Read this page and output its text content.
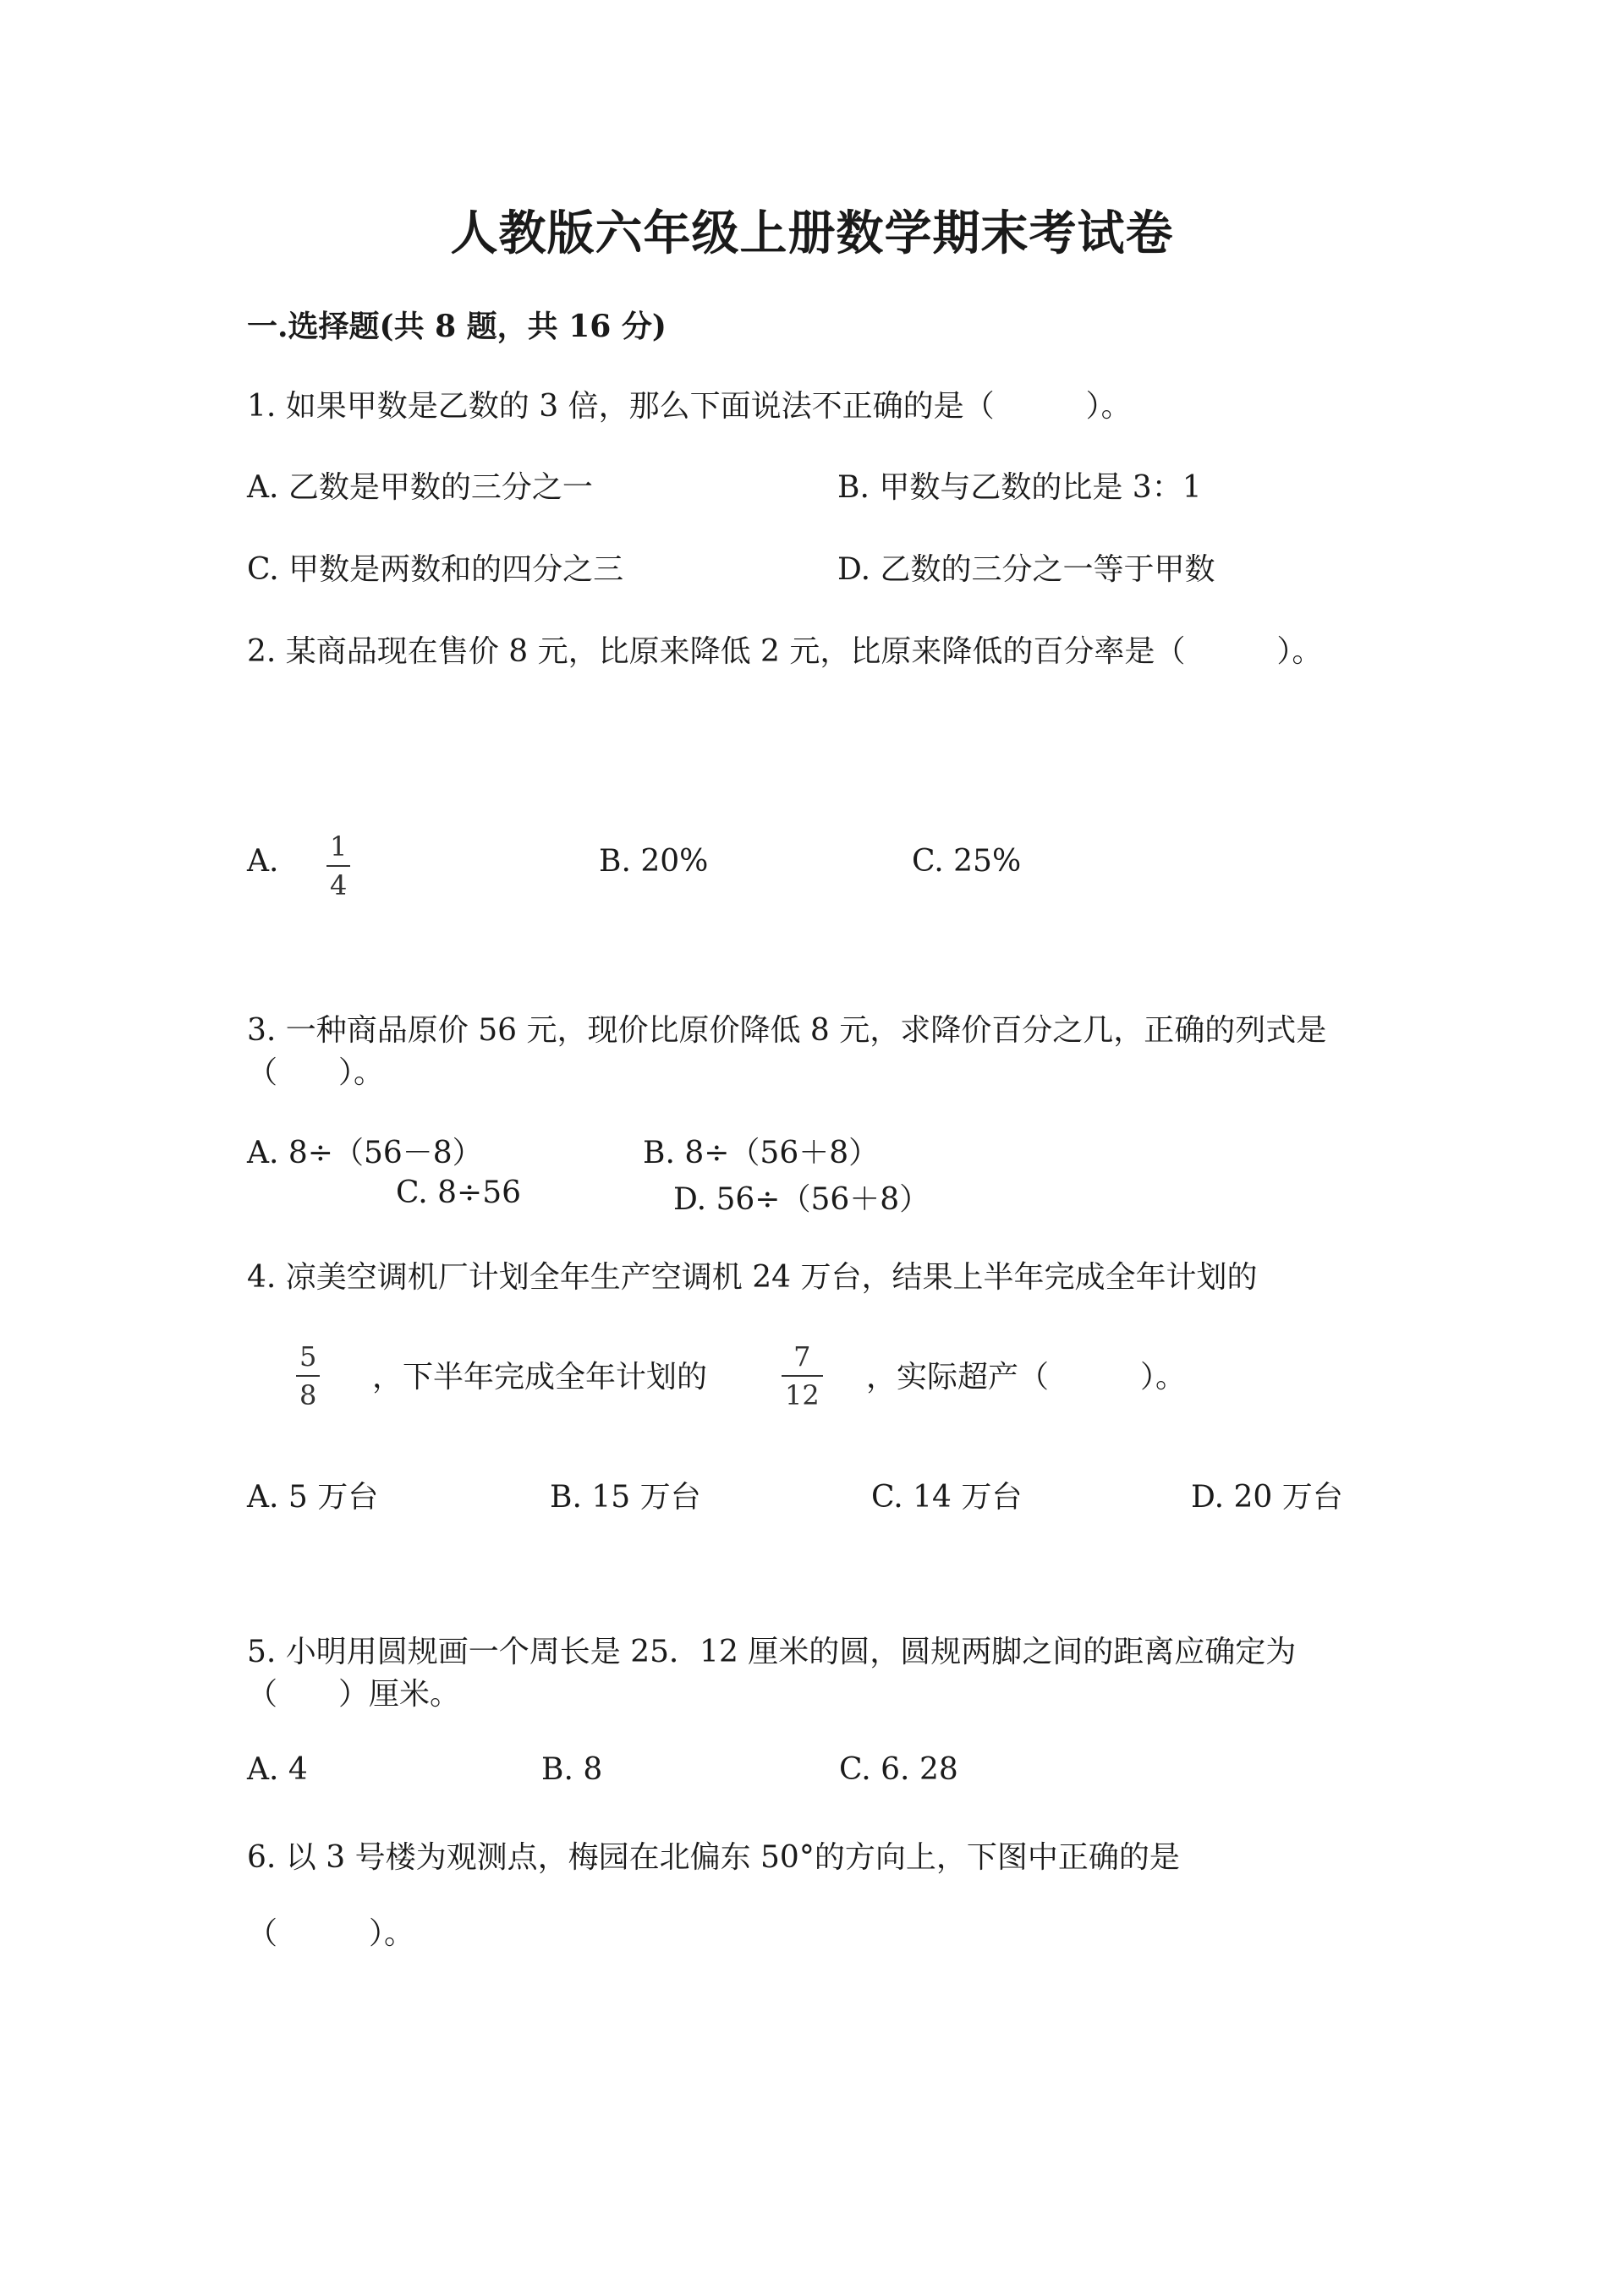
人教版六年级上册数学期末考试卷
一.选择题(共 8 题，共 16 分)
1. 如果甲数是乙数的 3 倍，那么下面说法不正确的是（　　　）。
A. 乙数是甲数的三分之一	B. 甲数与乙数的比是 3：1
C. 甲数是两数和的四分之三	D. 乙数的三分之一等于甲数
2. 某商品现在售价 8 元，比原来降低 2 元，比原来降低的百分率是（　　　）。
A. 1
4
B. 20%	C. 25%
3. 一种商品原价 56 元，现价比原价降低 8 元，求降价百分之几，正确的列式是
（　　）。
A. 8÷（56－8）	B. 8÷（56＋8）
C. 8÷56	D. 56÷（56＋8）
4. 凉美空调机厂计划全年生产空调机 24 万台，结果上半年完成全年计划的
5
8
，下半年完成全年计划的
7
12
，实际超产（　　　）。
A. 5 万台	B. 15 万台	C. 14 万台	D. 20 万台
5. 小明用圆规画一个周长是 25．12 厘米的圆，圆规两脚之间的距离应确定为
（　　）厘米。
A. 4	B. 8	C. 6. 28
6. 以 3 号楼为观测点，梅园在北偏东 50°的方向上，下图中正确的是
（　　　）。
